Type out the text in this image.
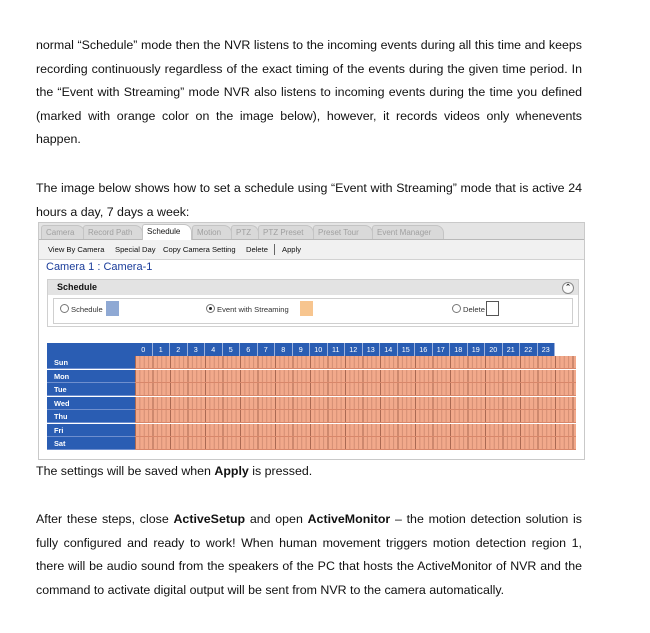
normal “Schedule” mode then the NVR listens to the incoming events during all this time and keeps recording continuously regardless of the exact timing of the events during the given time period. In the “Event with Streaming” mode NVR also listens to incoming events during the time you defined (marked with orange color on the image below), however, it records videos only whenevents happen.

The image below shows how to set a schedule using “Event with Streaming” mode that is active 24 hours a day, 7 days a week:

Camera	Record Path	Schedule	Motion	PTZ	PTZ Preset	Preset Tour	Event Manager
View By Camera Special Day Copy Camera Setting Delete Apply
Camera 1 : Camera-1
Schedule	⌃
Schedule	Event with Streaming	Delete
0	1	2	3	4	5	6	7	8	9	10	11	12	13	14	15	16	17	18	19	20	21	22	23
Sun
Mon
Tue
Wed
Thu
Fri
Sat

The settings will be saved when Apply is pressed.

After these steps, close ActiveSetup and open ActiveMonitor – the motion detection solution is fully configured and ready to work! When human movement triggers motion detection region 1, there will be audio sound from the speakers of the PC that hosts the ActiveMonitor of NVR and the command to activate digital output will be sent from NVR to the camera automatically.
